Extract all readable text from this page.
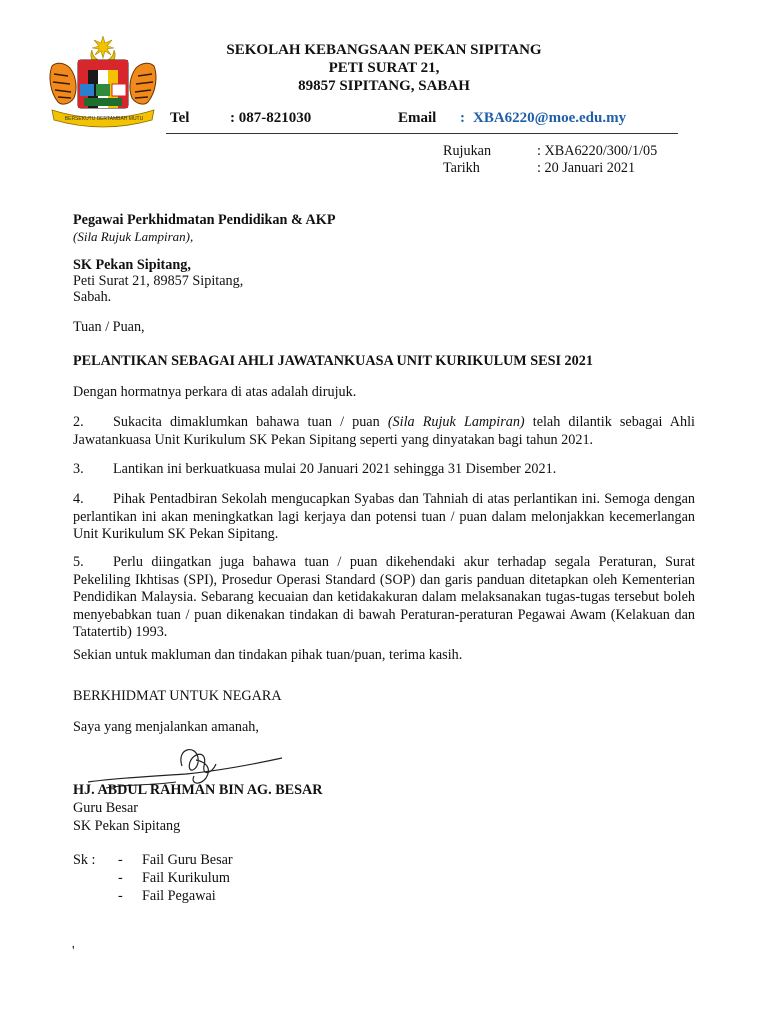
BERSEKUTU BERTAMBAH MUTU
SEKOLAH KEBANGSAAN PEKAN SIPITANG
PETI SURAT 21,
89857 SIPITANG, SABAH
Tel	: 087-821030	Email : XBA6220@moe.edu.my
Rujukan	: XBA6220/300/1/05
Tarikh	: 20 Januari 2021
Pegawai Perkhidmatan Pendidikan & AKP
(Sila Rujuk Lampiran),
SK Pekan Sipitang,
Peti Surat 21, 89857 Sipitang,
Sabah.
Tuan / Puan,
PELANTIKAN SEBAGAI AHLI JAWATANKUASA UNIT KURIKULUM SESI 2021
Dengan hormatnya perkara di atas adalah dirujuk.
2. Sukacita dimaklumkan bahawa tuan / puan (Sila Rujuk Lampiran) telah dilantik sebagai Ahli Jawatankuasa Unit Kurikulum SK Pekan Sipitang seperti yang dinyatakan bagi tahun 2021.
3. Lantikan ini berkuatkuasa mulai 20 Januari 2021 sehingga 31 Disember 2021.
4. Pihak Pentadbiran Sekolah mengucapkan Syabas dan Tahniah di atas perlantikan ini. Semoga dengan perlantikan ini akan meningkatkan lagi kerjaya dan potensi tuan / puan dalam melonjakkan kecemerlangan Unit Kurikulum SK Pekan Sipitang.
5. Perlu diingatkan juga bahawa tuan / puan dikehendaki akur terhadap segala Peraturan, Surat Pekeliling Ikhtisas (SPI), Prosedur Operasi Standard (SOP) dan garis panduan ditetapkan oleh Kementerian Pendidikan Malaysia. Sebarang kecuaian dan ketidakakuran dalam melaksanakan tugas-tugas tersebut boleh menyebabkan tuan / puan dikenakan tindakan di bawah Peraturan-peraturan Pegawai Awam (Kelakuan dan Tatatertib) 1993.
Sekian untuk makluman dan tindakan pihak tuan/puan, terima kasih.
BERKHIDMAT UNTUK NEGARA
Saya yang menjalankan amanah,
HJ. ABDUL RAHMAN BIN AG. BESAR
Guru Besar
SK Pekan Sipitang
Sk : - Fail Guru Besar
- Fail Kurikulum
- Fail Pegawai
'
